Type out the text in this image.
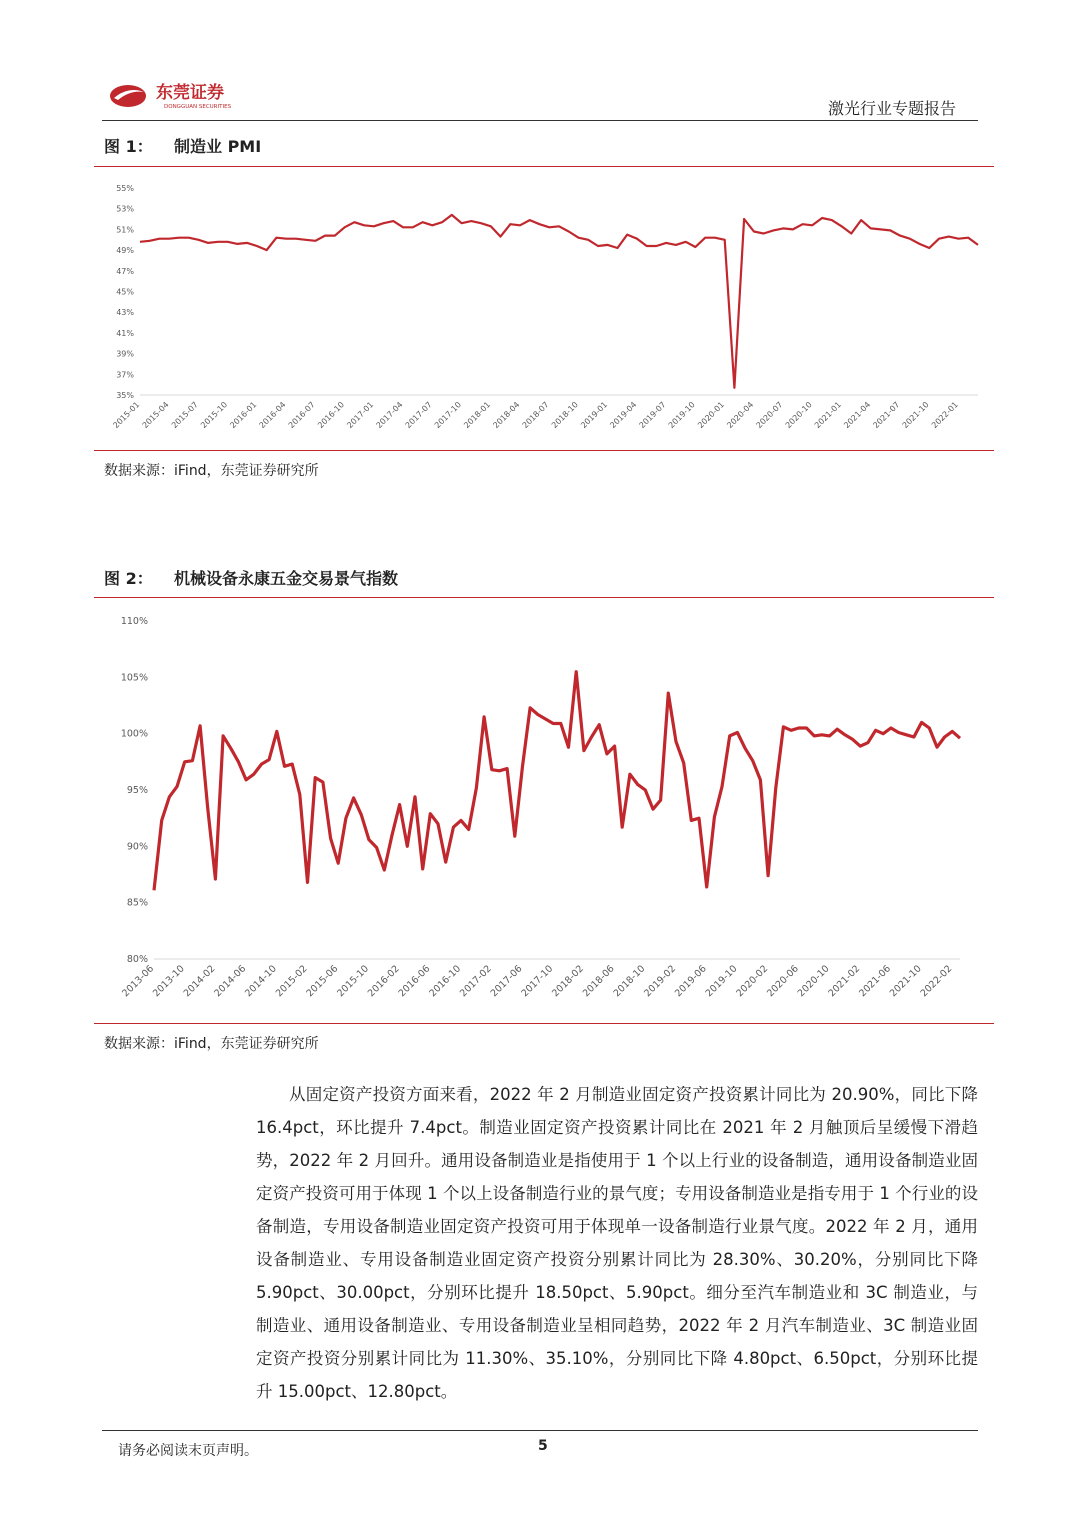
东莞证券
DONGGUAN SECURITIES	激光行业专题报告
图 1： 制造业 PMI
55%
53%
51%
49%
47%
45%
43%
41%
39%
37%
35%
2015-01 2015-04 2015-07 2015-10 2016-01 2016-04 2016-07 2016-10 2017-01 2017-04 2017-07 2017-10 2018-01 2018-04 2018-07 2018-10 2019-01 2019-04 2019-07 2019-10 2020-01 2020-04 2020-07 2020-10 2021-01 2021-04 2021-07 2021-10 2022-01
数据来源：iFind，东莞证券研究所
图 2： 机械设备永康五金交易景气指数
110%
105%
100%
95%
90%
85%
80%
2013-06
2013-10
2014-02
2014-06
2014-10
2015-02
2015-06
2015-10
2016-02
2016-06
2016-10
2017-02
2017-06
2017-10
2018-02
2018-06
2018-10
2019-02
2019-06
2019-10
2020-02
2020-06
2020-10
2021-02
2021-06
2021-10
2022-02
数据来源：iFind，东莞证券研究所
从固定资产投资方面来看，2022 年 2 月制造业固定资产投资累计同比为 20.90%，同比下降 16.4pct，环比提升 7.4pct。制造业固定资产投资累计同比在 2021 年 2 月触顶后呈缓慢下滑趋势，2022 年 2 月回升。通用设备制造业是指使用于 1 个以上行业的设备制造，通用设备制造业固定资产投资可用于体现 1 个以上设备制造行业的景气度；专用设备制造业是指专用于 1 个行业的设备制造，专用设备制造业固定资产投资可用于体现单一设备制造行业景气度。2022 年 2 月，通用设备制造业、专用设备制造业固定资产投资分别累计同比为 28.30%、30.20%，分别同比下降 5.90pct、30.00pct，分别环比提升 18.50pct、5.90pct。细分至汽车制造业和 3C 制造业，与制造业、通用设备制造业、专用设备制造业呈相同趋势，2022 年 2 月汽车制造业、3C 制造业固定资产投资分别累计同比为 11.30%、35.10%，分别同比下降 4.80pct、6.50pct，分别环比提升 15.00pct、12.80pct。
请务必阅读末页声明。	5
